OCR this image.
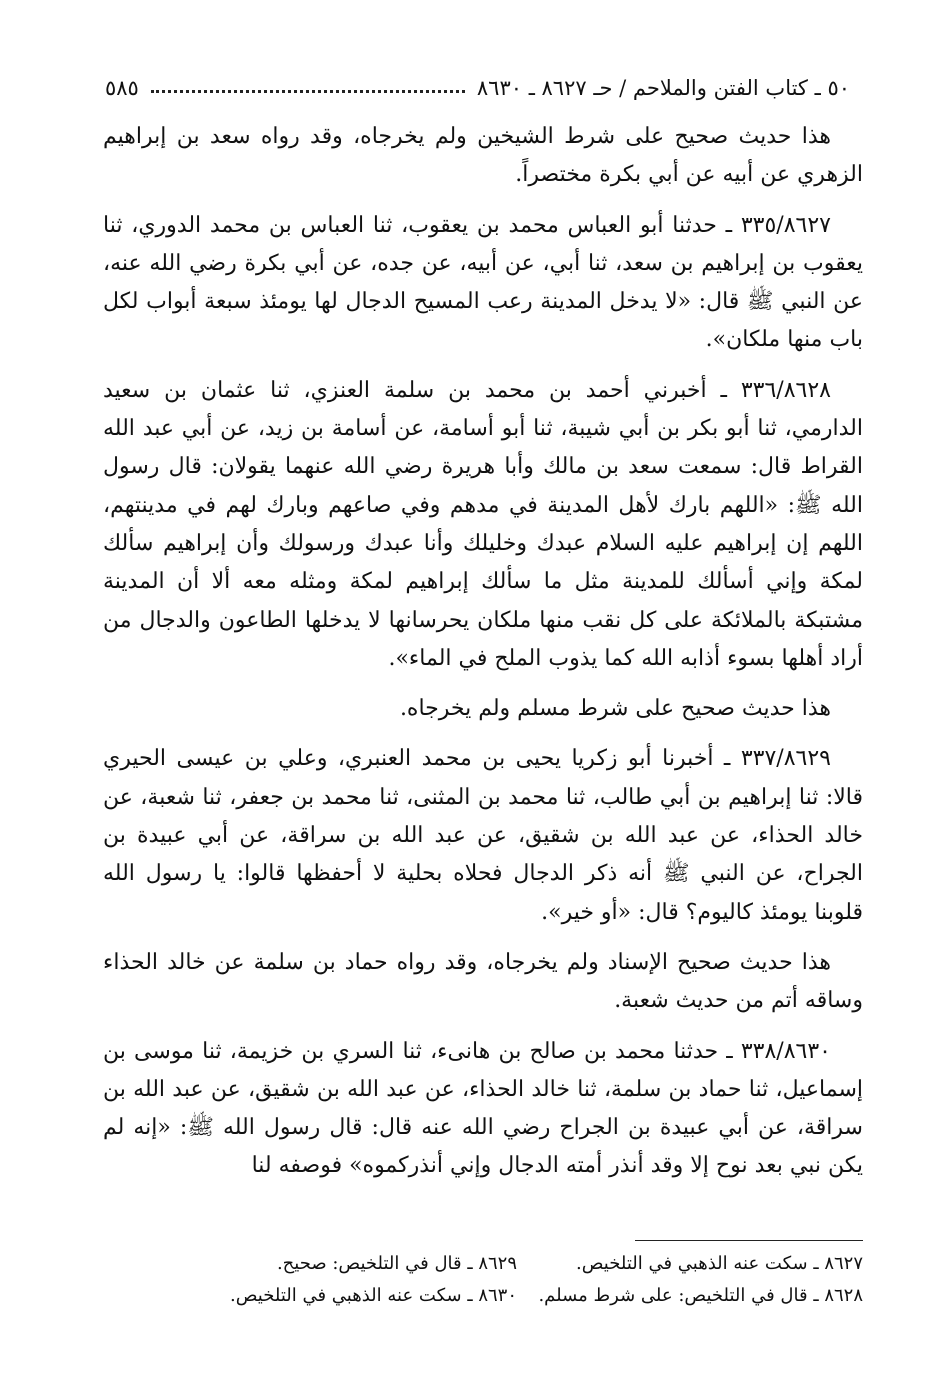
٥٠ ـ كتاب الفتن والملاحم / حـ ٨٦٢٧ ـ ٨٦٣٠
٥٨٥

هذا حديث صحيح على شرط الشيخين ولم يخرجاه، وقد رواه سعد بن إبراهيم الزهري عن أبيه عن أبي بكرة مختصراً.

٣٣٥/٨٦٢٧ ـ حدثنا أبو العباس محمد بن يعقوب، ثنا العباس بن محمد الدوري، ثنا يعقوب بن إبراهيم بن سعد، ثنا أبي، عن أبيه، عن جده، عن أبي بكرة رضي الله عنه، عن النبي ﷺ قال: «لا يدخل المدينة رعب المسيح الدجال لها يومئذ سبعة أبواب لكل باب منها ملكان».

٣٣٦/٨٦٢٨ ـ أخبرني أحمد بن محمد بن سلمة العنزي، ثنا عثمان بن سعيد الدارمي، ثنا أبو بكر بن أبي شيبة، ثنا أبو أسامة، عن أسامة بن زيد، عن أبي عبد الله القراط قال: سمعت سعد بن مالك وأبا هريرة رضي الله عنهما يقولان: قال رسول الله ﷺ: «اللهم بارك لأهل المدينة في مدهم وفي صاعهم وبارك لهم في مدينتهم، اللهم إن إبراهيم عليه السلام عبدك وخليلك وأنا عبدك ورسولك وأن إبراهيم سألك لمكة وإني أسألك للمدينة مثل ما سألك إبراهيم لمكة ومثله معه ألا أن المدينة مشتبكة بالملائكة على كل نقب منها ملكان يحرسانها لا يدخلها الطاعون والدجال من أراد أهلها بسوء أذابه الله كما يذوب الملح في الماء».

هذا حديث صحيح على شرط مسلم ولم يخرجاه.

٣٣٧/٨٦٢٩ ـ أخبرنا أبو زكريا يحيى بن محمد العنبري، وعلي بن عيسى الحيري قالا: ثنا إبراهيم بن أبي طالب، ثنا محمد بن المثنى، ثنا محمد بن جعفر، ثنا شعبة، عن خالد الحذاء، عن عبد الله بن شقيق، عن عبد الله بن سراقة، عن أبي عبيدة بن الجراح، عن النبي ﷺ أنه ذكر الدجال فحلاه بحلية لا أحفظها قالوا: يا رسول الله قلوبنا يومئذ كاليوم؟ قال: «أو خير».

هذا حديث صحيح الإسناد ولم يخرجاه، وقد رواه حماد بن سلمة عن خالد الحذاء وساقه أتم من حديث شعبة.

٣٣٨/٨٦٣٠ ـ حدثنا محمد بن صالح بن هانىء، ثنا السري بن خزيمة، ثنا موسى بن إسماعيل، ثنا حماد بن سلمة، ثنا خالد الحذاء، عن عبد الله بن شقيق، عن عبد الله بن سراقة، عن أبي عبيدة بن الجراح رضي الله عنه قال: قال رسول الله ﷺ: «إنه لم يكن نبي بعد نوح إلا وقد أنذر أمته الدجال وإني أنذركموه» فوصفه لنا

٨٦٢٧ ـ سكت عنه الذهبي في التلخيص.
٨٦٢٩ ـ قال في التلخيص: صحيح.
٨٦٢٨ ـ قال في التلخيص: على شرط مسلم.
٨٦٣٠ ـ سكت عنه الذهبي في التلخيص.
